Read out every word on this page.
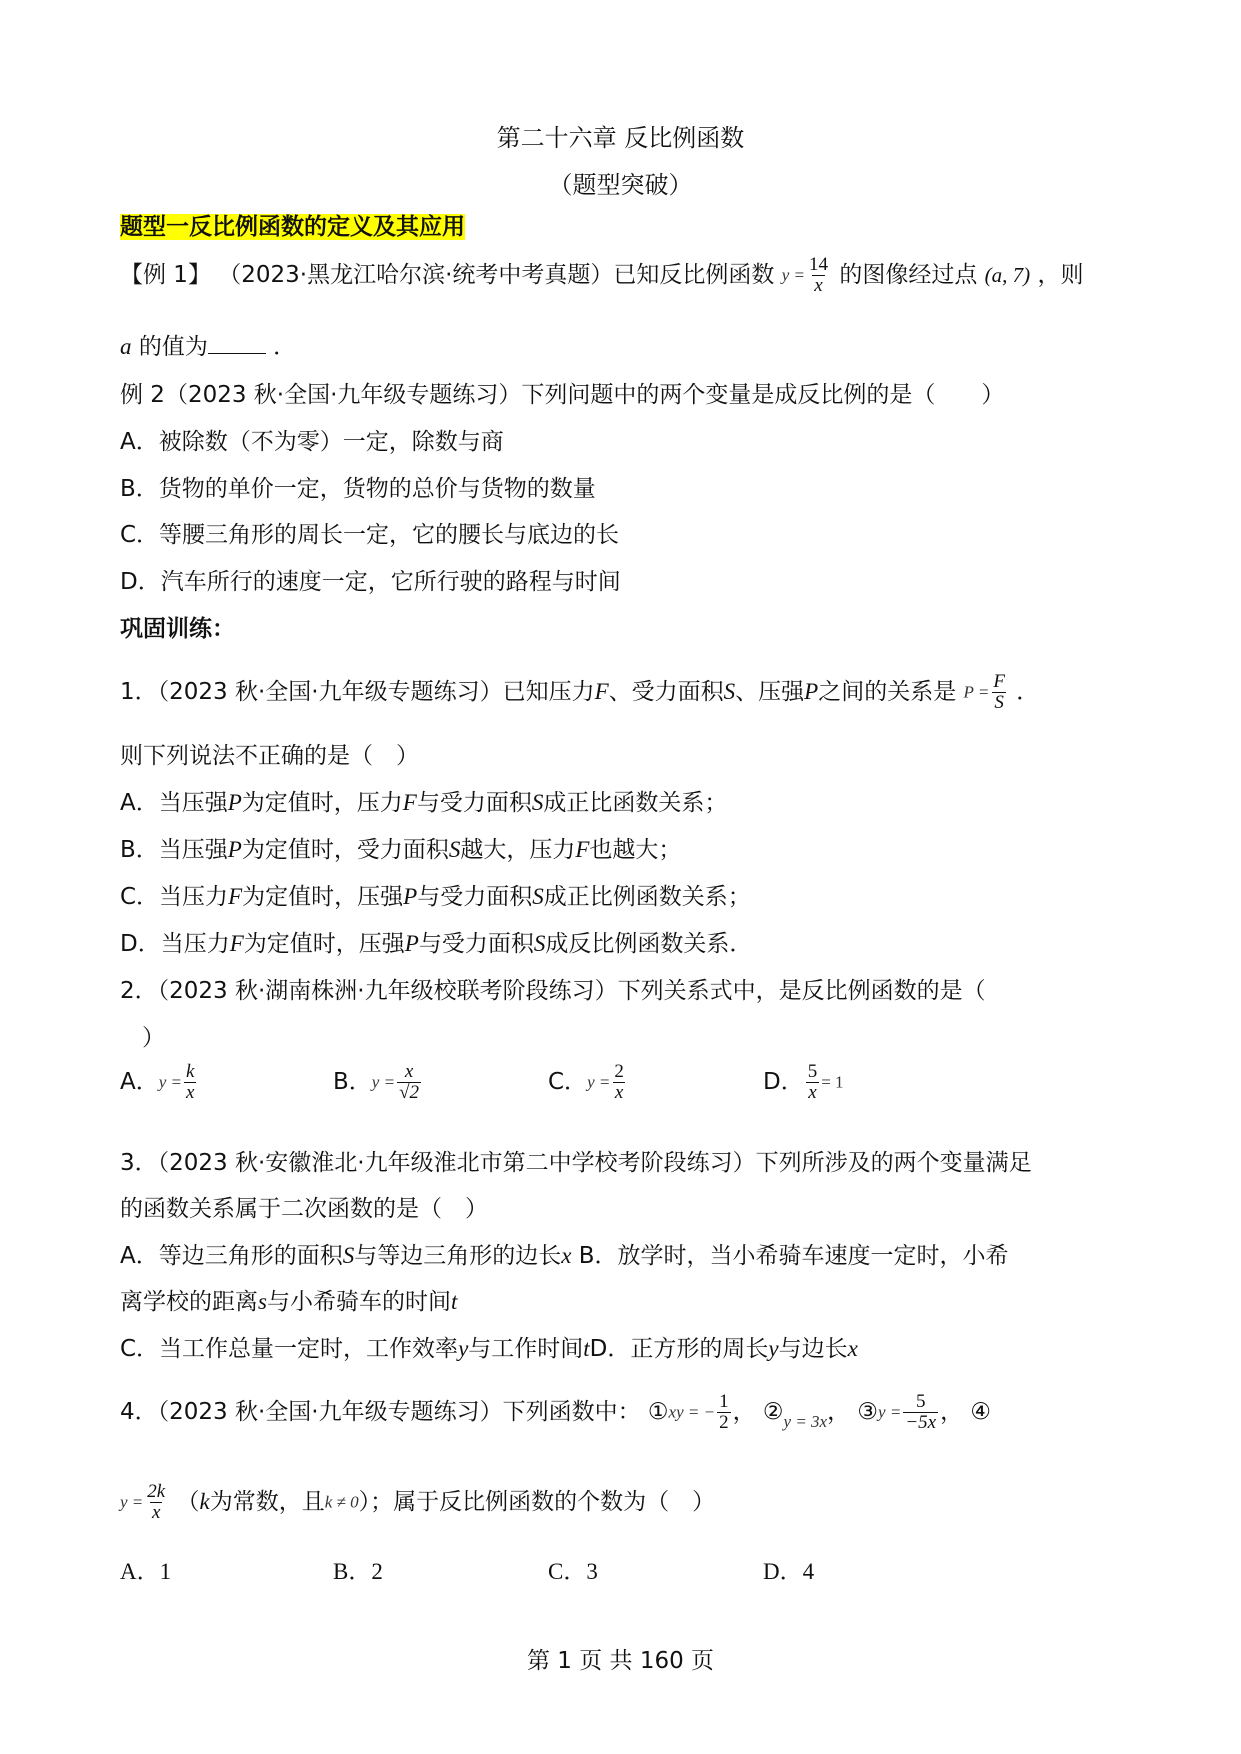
第二十六章 反比例函数
（题型突破）
题型一反比例函数的定义及其应用
【例 1】 （2023·黑龙江哈尔滨·统考中考真题）已知反比例函数 $y = \frac{14}{x}$ 的图像经过点 (a, 7) ，则
a 的值为	．
例 2（2023 秋·全国·九年级专题练习）下列问题中的两个变量是成反比例的是（　　）
A．被除数（不为零）一定，除数与商
B．货物的单价一定，货物的总价与货物的数量
C．等腰三角形的周长一定，它的腰长与底边的长
D．汽车所行的速度一定，它所行驶的路程与时间
巩固训练：
1．（2023 秋·全国·九年级专题练习）已知压力F、受力面积S、压强P之间的关系是 $P = \frac{F}{S}$ ．
则下列说法不正确的是（　）
A．当压强P为定值时，压力F与受力面积S成正比函数关系；
B．当压强P为定值时，受力面积S越大，压力F也越大；
C．当压力F为定值时，压强P与受力面积S成正比例函数关系；
D．当压力F为定值时，压强P与受力面积S成反比例函数关系．
2．（2023 秋·湖南株洲·九年级校联考阶段练习）下列关系式中，是反比例函数的是（
）
A．$y = \frac{k}{x}$	B．$y = \frac{x}{√2}$	C．$y = \frac{2}{x}$	D． $\frac{5}{x} = 1$
3．（2023 秋·安徽淮北·九年级淮北市第二中学校考阶段练习）下列所涉及的两个变量满足
的函数关系属于二次函数的是（　）
A．等边三角形的面积S与等边三角形的边长x B．放学时，当小希骑车速度一定时，小希
离学校的距离s与小希骑车的时间t
C．当工作总量一定时，工作效率y与工作时间tD．正方形的周长y与边长x
4．（2023 秋·全国·九年级专题练习）下列函数中： ①xy = − $\frac{1}{2}$ ， $②_{y = 3x}$， ③y = $\frac{5}{-5x}$ ， ④
$y = \frac{2k}{x} (k$为常数，且k ≠ 0）；属于反比例函数的个数为（　）
A．1	B．2	C．3	D．4
第 1 页 共 160 页
